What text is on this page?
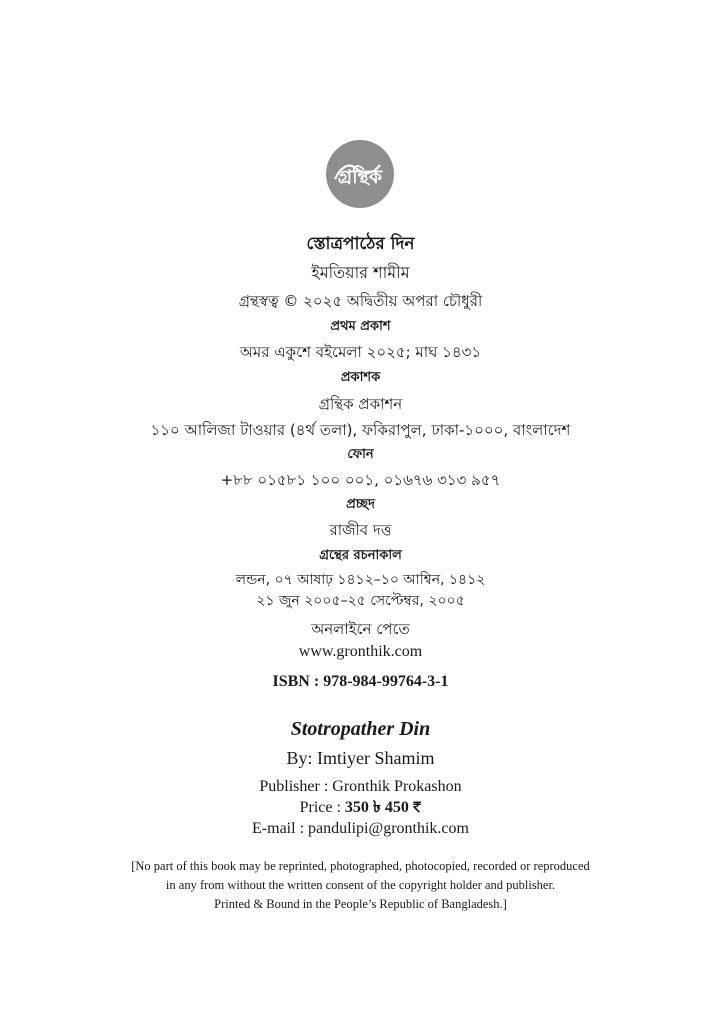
গ্রন্থিক
স্তোত্রপাঠের দিন
ইমতিয়ার শামীম
গ্রন্থস্বত্ব © ২০২৫ অদ্বিতীয় অপরা চৌধুরী
প্রথম প্রকাশ
অমর একুশে বইমেলা ২০২৫; মাঘ ১৪৩১
প্রকাশক
গ্রন্থিক প্রকাশন
১১০ আলিজা টাওয়ার (৪র্থ তলা), ফকিরাপুল, ঢাকা-১০০০, বাংলাদেশ
ফোন
+৮৮ ০১৫৮১ ১০০ ০০১, ০১৬৭৬ ৩১৩ ৯৫৭
প্রচ্ছদ
রাজীব দত্ত
গ্রন্থের রচনাকাল
লন্ডন, ০৭ আষাঢ় ১৪১২–১০ আশ্বিন, ১৪১২
২১ জুন ২০০৫–২৫ সেপ্টেম্বর, ২০০৫
অনলাইনে পেতে
www.gronthik.com
ISBN : 978-984-99764-3-1
Stotropather Din
By: Imtiyer Shamim
Publisher : Gronthik Prokashon
Price : 350 ৳ 450 ₹
E-mail : pandulipi@gronthik.com
[No part of this book may be reprinted, photographed, photocopied, recorded or reproduced
in any from without the written consent of the copyright holder and publisher.
Printed & Bound in the People’s Republic of Bangladesh.]
